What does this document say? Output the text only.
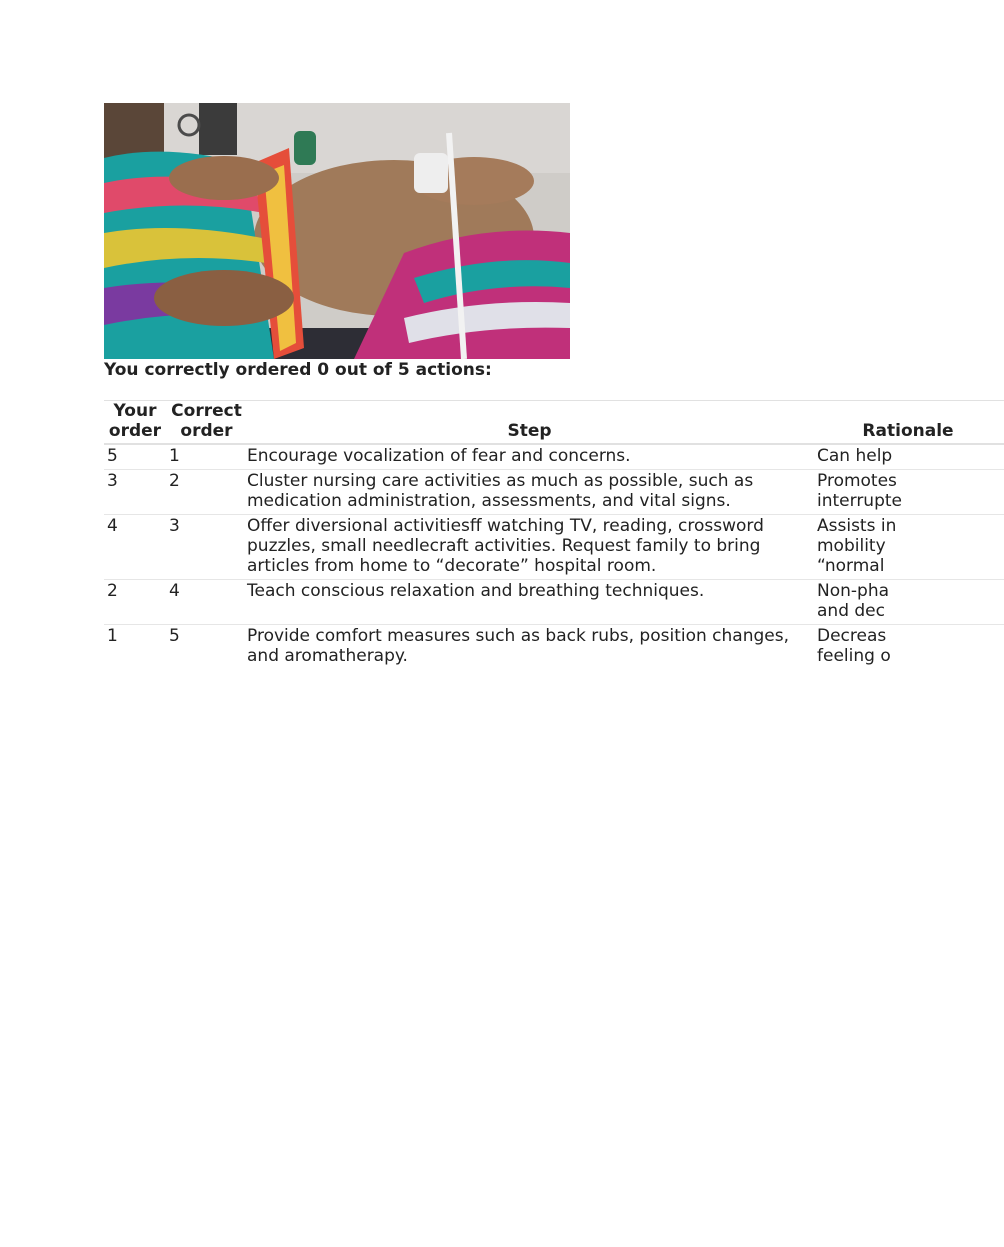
You correctly ordered 0 out of 5 actions:

Your order	Correct order	Step	Rationale
5	1	Encourage vocalization of fear and concerns.	Can help
3	2	Cluster nursing care activities as much as possible, such as medication administration, assessments, and vital signs.	Promotes
interrupte
4	3	Offer diversional activitiesff watching TV, reading, crossword puzzles, small needlecraft activities. Request family to bring articles from home to “decorate” hospital room.	Assists in
mobility
“normal
2	4	Teach conscious relaxation and breathing techniques.	Non-pha
and dec
1	5	Provide comfort measures such as back rubs, position changes, and aromatherapy.	Decreas
feeling o
